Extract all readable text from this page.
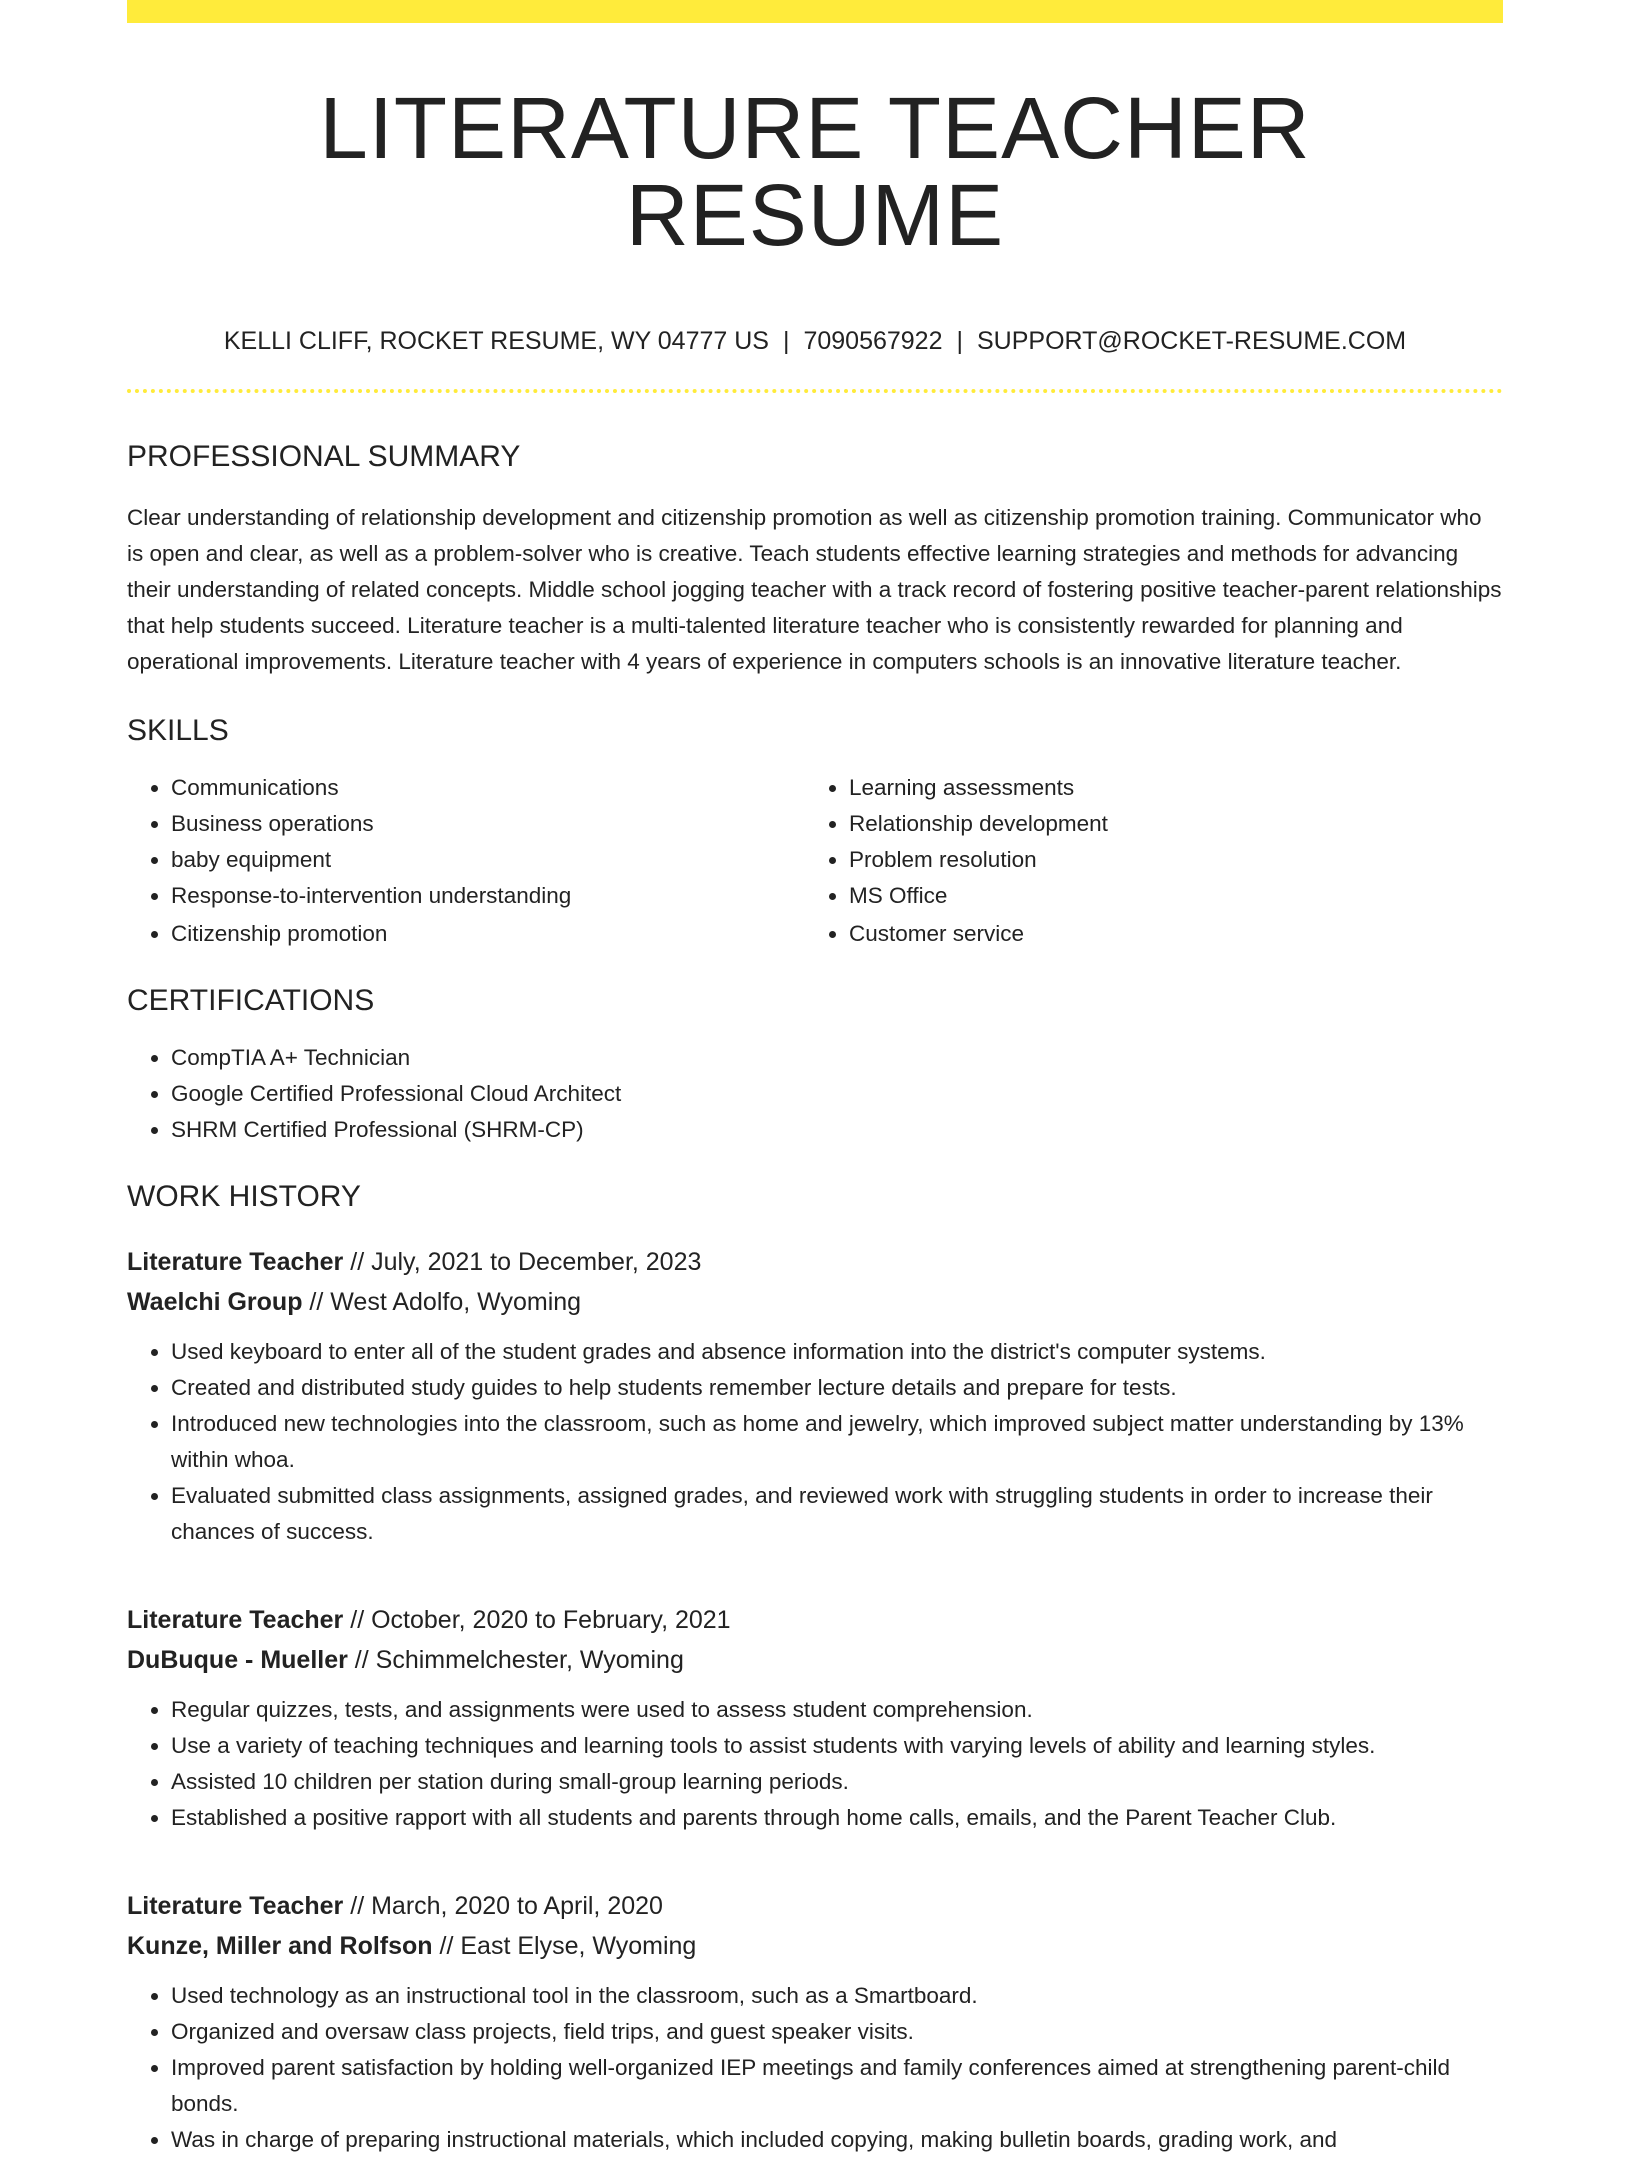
LITERATURE TEACHER RESUME
KELLI CLIFF, ROCKET RESUME, WY 04777 US | 7090567922 | SUPPORT@ROCKET-RESUME.COM
PROFESSIONAL SUMMARY

Clear understanding of relationship development and citizenship promotion as well as citizenship promotion training. Communicator who is open and clear, as well as a problem-solver who is creative. Teach students effective learning strategies and methods for advancing their understanding of related concepts. Middle school jogging teacher with a track record of fostering positive teacher-parent relationships that help students succeed. Literature teacher is a multi-talented literature teacher who is consistently rewarded for planning and operational improvements. Literature teacher with 4 years of experience in computers schools is an innovative literature teacher.

SKILLS
• Communications
• Business operations
• baby equipment
• Response-to-intervention understanding
• Citizenship promotion
• Learning assessments
• Relationship development
• Problem resolution
• MS Office
• Customer service
CERTIFICATIONS
• CompTIA A+ Technician
• Google Certified Professional Cloud Architect
• SHRM Certified Professional (SHRM-CP)
WORK HISTORY
Literature Teacher // July, 2021 to December, 2023
Waelchi Group // West Adolfo, Wyoming
• Used keyboard to enter all of the student grades and absence information into the district's computer systems.
• Created and distributed study guides to help students remember lecture details and prepare for tests.
• Introduced new technologies into the classroom, such as home and jewelry, which improved subject matter understanding by 13% within whoa.
• Evaluated submitted class assignments, assigned grades, and reviewed work with struggling students in order to increase their chances of success.
Literature Teacher // October, 2020 to February, 2021
DuBuque - Mueller // Schimmelchester, Wyoming
• Regular quizzes, tests, and assignments were used to assess student comprehension.
• Use a variety of teaching techniques and learning tools to assist students with varying levels of ability and learning styles.
• Assisted 10 children per station during small-group learning periods.
• Established a positive rapport with all students and parents through home calls, emails, and the Parent Teacher Club.
Literature Teacher // March, 2020 to April, 2020
Kunze, Miller and Rolfson // East Elyse, Wyoming
• Used technology as an instructional tool in the classroom, such as a Smartboard.
• Organized and oversaw class projects, field trips, and guest speaker visits.
• Improved parent satisfaction by holding well-organized IEP meetings and family conferences aimed at strengthening parent-child bonds.
• Was in charge of preparing instructional materials, which included copying, making bulletin boards, grading work, and
